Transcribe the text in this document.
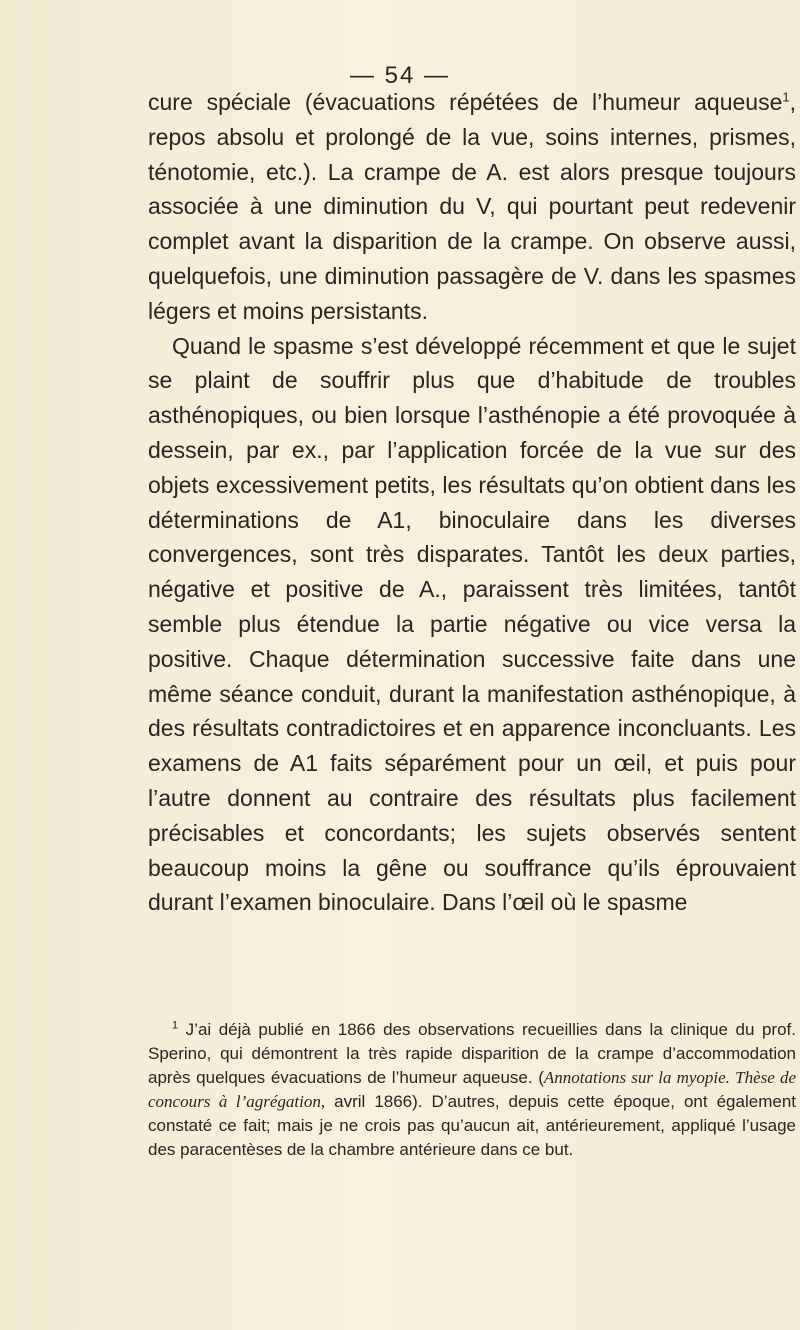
— 54 —

cure spéciale (évacuations répétées de l’humeur aqueuse$^1$, repos absolu et prolongé de la vue, soins internes, prismes, ténotomie, etc.). La crampe de A. est alors presque toujours associée à une diminution du V, qui pourtant peut redevenir complet avant la disparition de la crampe. On observe aussi, quelquefois, une diminution passagère de V. dans les spasmes légers et moins persistants.

Quand le spasme s’est développé récemment et que le sujet se plaint de souffrir plus que d’habitude de troubles asthénopiques, ou bien lorsque l’asthénopie a été provoquée à dessein, par ex., par l’application forcée de la vue sur des objets excessivement petits, les résultats qu’on obtient dans les déterminations de A1, binoculaire dans les diverses convergences, sont très disparates. Tantôt les deux parties, négative et positive de A., paraissent très limitées, tantôt semble plus étendue la partie négative ou vice versa la positive. Chaque détermination successive faite dans une même séance conduit, durant la manifestation asthénopique, à des résultats contradictoires et en apparence inconcluants. Les examens de A1 faits séparément pour un œil, et puis pour l’autre donnent au contraire des résultats plus facilement précisables et concordants; les sujets observés sentent beaucoup moins la gêne ou souffrance qu’ils éprouvaient durant l’examen binoculaire. Dans l’œil où le spasme

$^1$ J’ai déjà publié en 1866 des observations recueillies dans la clinique du prof. Sperino, qui démontrent la très rapide disparition de la crampe d’accommodation après quelques évacuations de l’humeur aqueuse. (Annotations sur la myopie. Thèse de concours à l’agrégation, avril 1866). D’autres, depuis cette époque, ont également constaté ce fait; mais je ne crois pas qu’aucun ait, antérieurement, appliqué l’usage des paracentèses de la chambre antérieure dans ce but.
